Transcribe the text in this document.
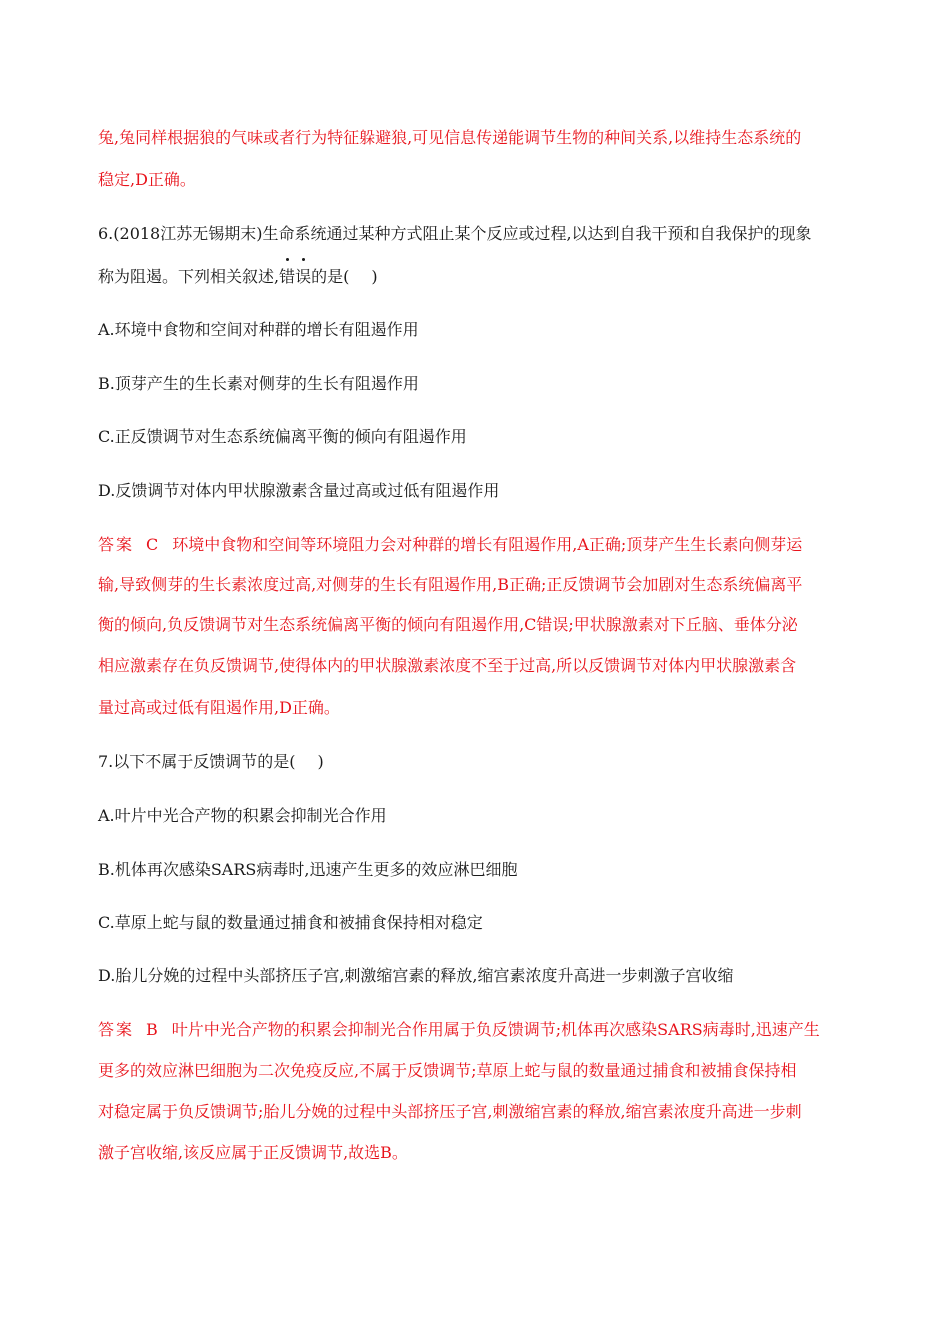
兔,兔同样根据狼的气味或者行为特征躲避狼,可见信息传递能调节生物的种间关系,以维持生态系统的
稳定,D正确。
6.(2018江苏无锡期末)生命系统通过某种方式阻止某个反应或过程,以达到自我干预和自我保护的现象
称为阻遏。下列相关叙述,错误的是( )
A.环境中食物和空间对种群的增长有阻遏作用
B.顶芽产生的生长素对侧芽的生长有阻遏作用
C.正反馈调节对生态系统偏离平衡的倾向有阻遏作用
D.反馈调节对体内甲状腺激素含量过高或过低有阻遏作用
答案 C 环境中食物和空间等环境阻力会对种群的增长有阻遏作用,A正确;顶芽产生生长素向侧芽运
输,导致侧芽的生长素浓度过高,对侧芽的生长有阻遏作用,B正确;正反馈调节会加剧对生态系统偏离平
衡的倾向,负反馈调节对生态系统偏离平衡的倾向有阻遏作用,C错误;甲状腺激素对下丘脑、垂体分泌
相应激素存在负反馈调节,使得体内的甲状腺激素浓度不至于过高,所以反馈调节对体内甲状腺激素含
量过高或过低有阻遏作用,D正确。
7.以下不属于反馈调节的是( )
A.叶片中光合产物的积累会抑制光合作用
B.机体再次感染SARS病毒时,迅速产生更多的效应淋巴细胞
C.草原上蛇与鼠的数量通过捕食和被捕食保持相对稳定
D.胎儿分娩的过程中头部挤压子宫,刺激缩宫素的释放,缩宫素浓度升高进一步刺激子宫收缩
答案 B 叶片中光合产物的积累会抑制光合作用属于负反馈调节;机体再次感染SARS病毒时,迅速产生
更多的效应淋巴细胞为二次免疫反应,不属于反馈调节;草原上蛇与鼠的数量通过捕食和被捕食保持相
对稳定属于负反馈调节;胎儿分娩的过程中头部挤压子宫,刺激缩宫素的释放,缩宫素浓度升高进一步刺
激子宫收缩,该反应属于正反馈调节,故选B。
